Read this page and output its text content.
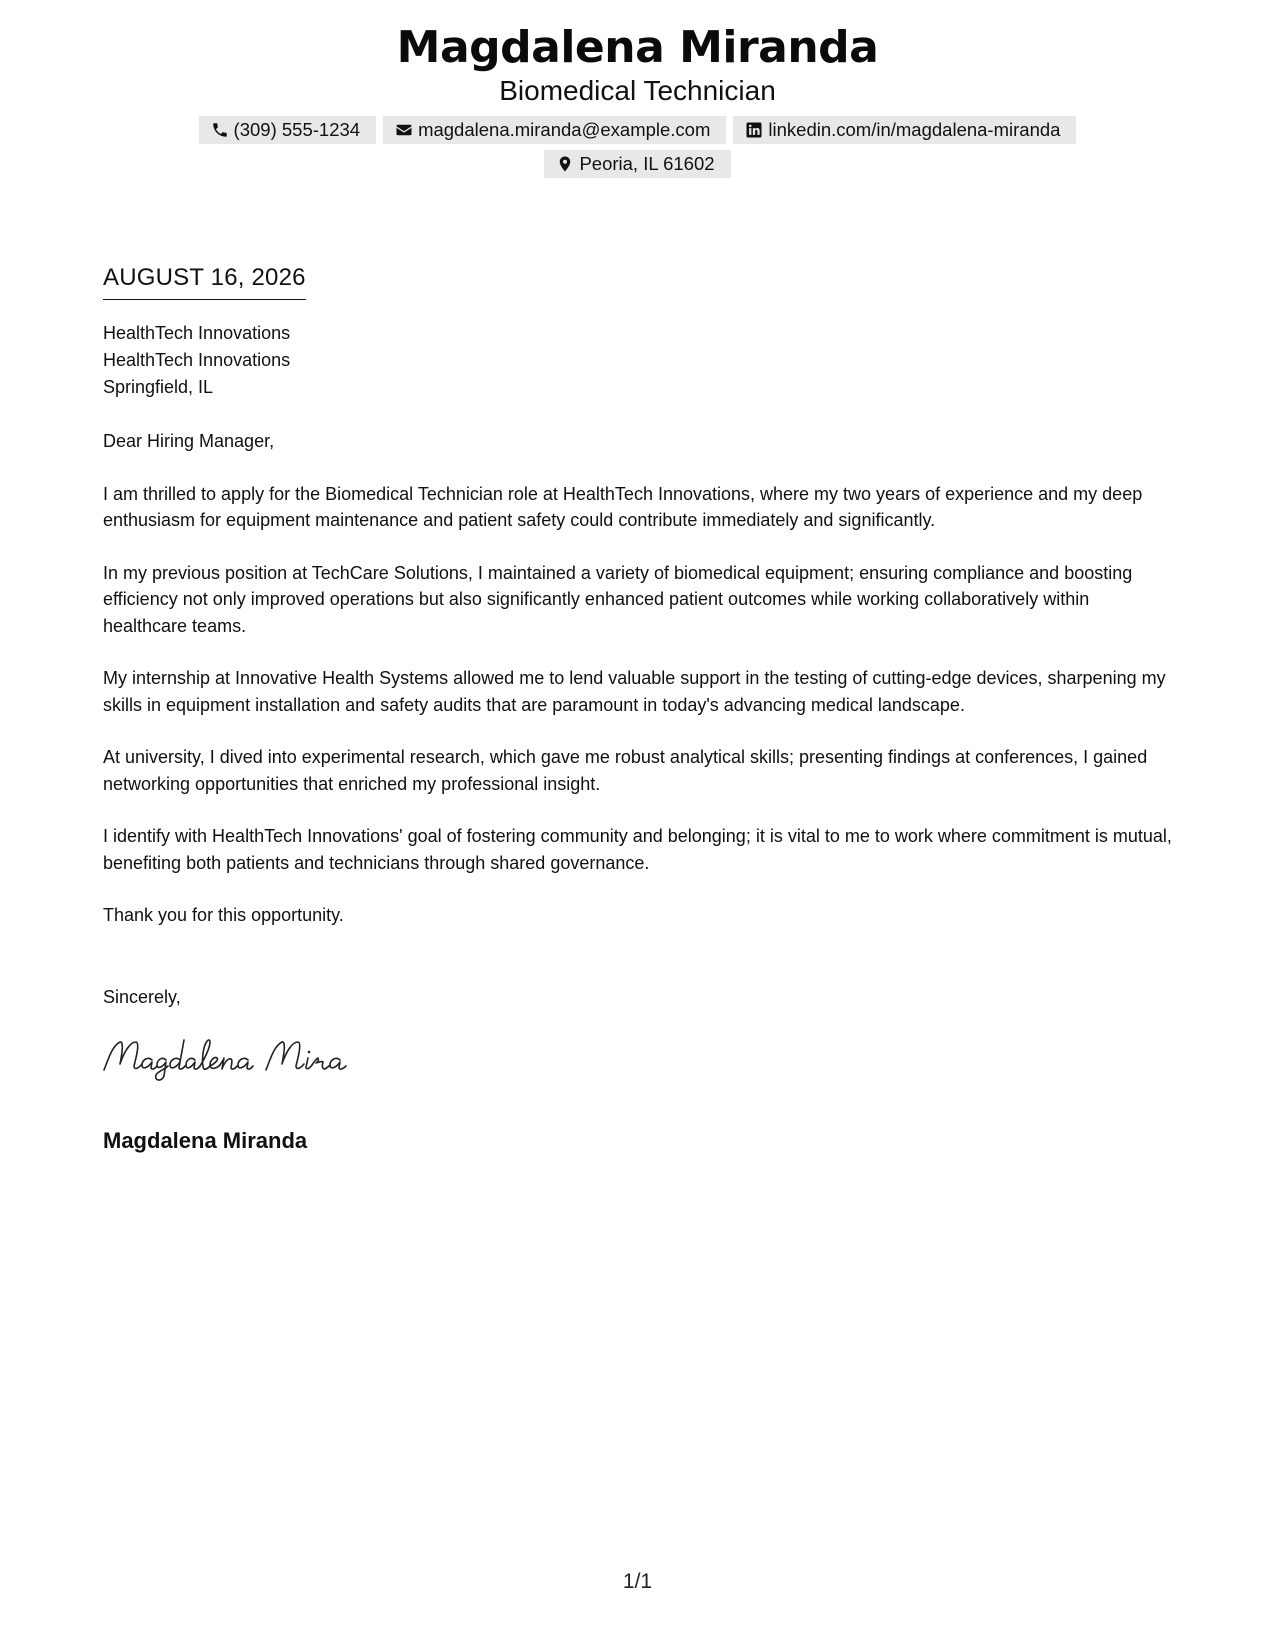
Magdalena Miranda
Biomedical Technician
(309) 555-1234	magdalena.miranda@example.com	linkedin.com/in/magdalena-miranda
Peoria, IL 61602
AUGUST 16, 2026
HealthTech Innovations
HealthTech Innovations
Springfield, IL

Dear Hiring Manager,

I am thrilled to apply for the Biomedical Technician role at HealthTech Innovations, where my two years of experience and my deep enthusiasm for equipment maintenance and patient safety could contribute immediately and significantly.

In my previous position at TechCare Solutions, I maintained a variety of biomedical equipment; ensuring compliance and boosting efficiency not only improved operations but also significantly enhanced patient outcomes while working collaboratively within healthcare teams.

My internship at Innovative Health Systems allowed me to lend valuable support in the testing of cutting-edge devices, sharpening my skills in equipment installation and safety audits that are paramount in today's advancing medical landscape.

At university, I dived into experimental research, which gave me robust analytical skills; presenting findings at conferences, I gained networking opportunities that enriched my professional insight.

I identify with HealthTech Innovations' goal of fostering community and belonging; it is vital to me to work where commitment is mutual, benefiting both patients and technicians through shared governance.

Thank you for this opportunity.

Sincerely,
Magdalena Miranda
1/1
